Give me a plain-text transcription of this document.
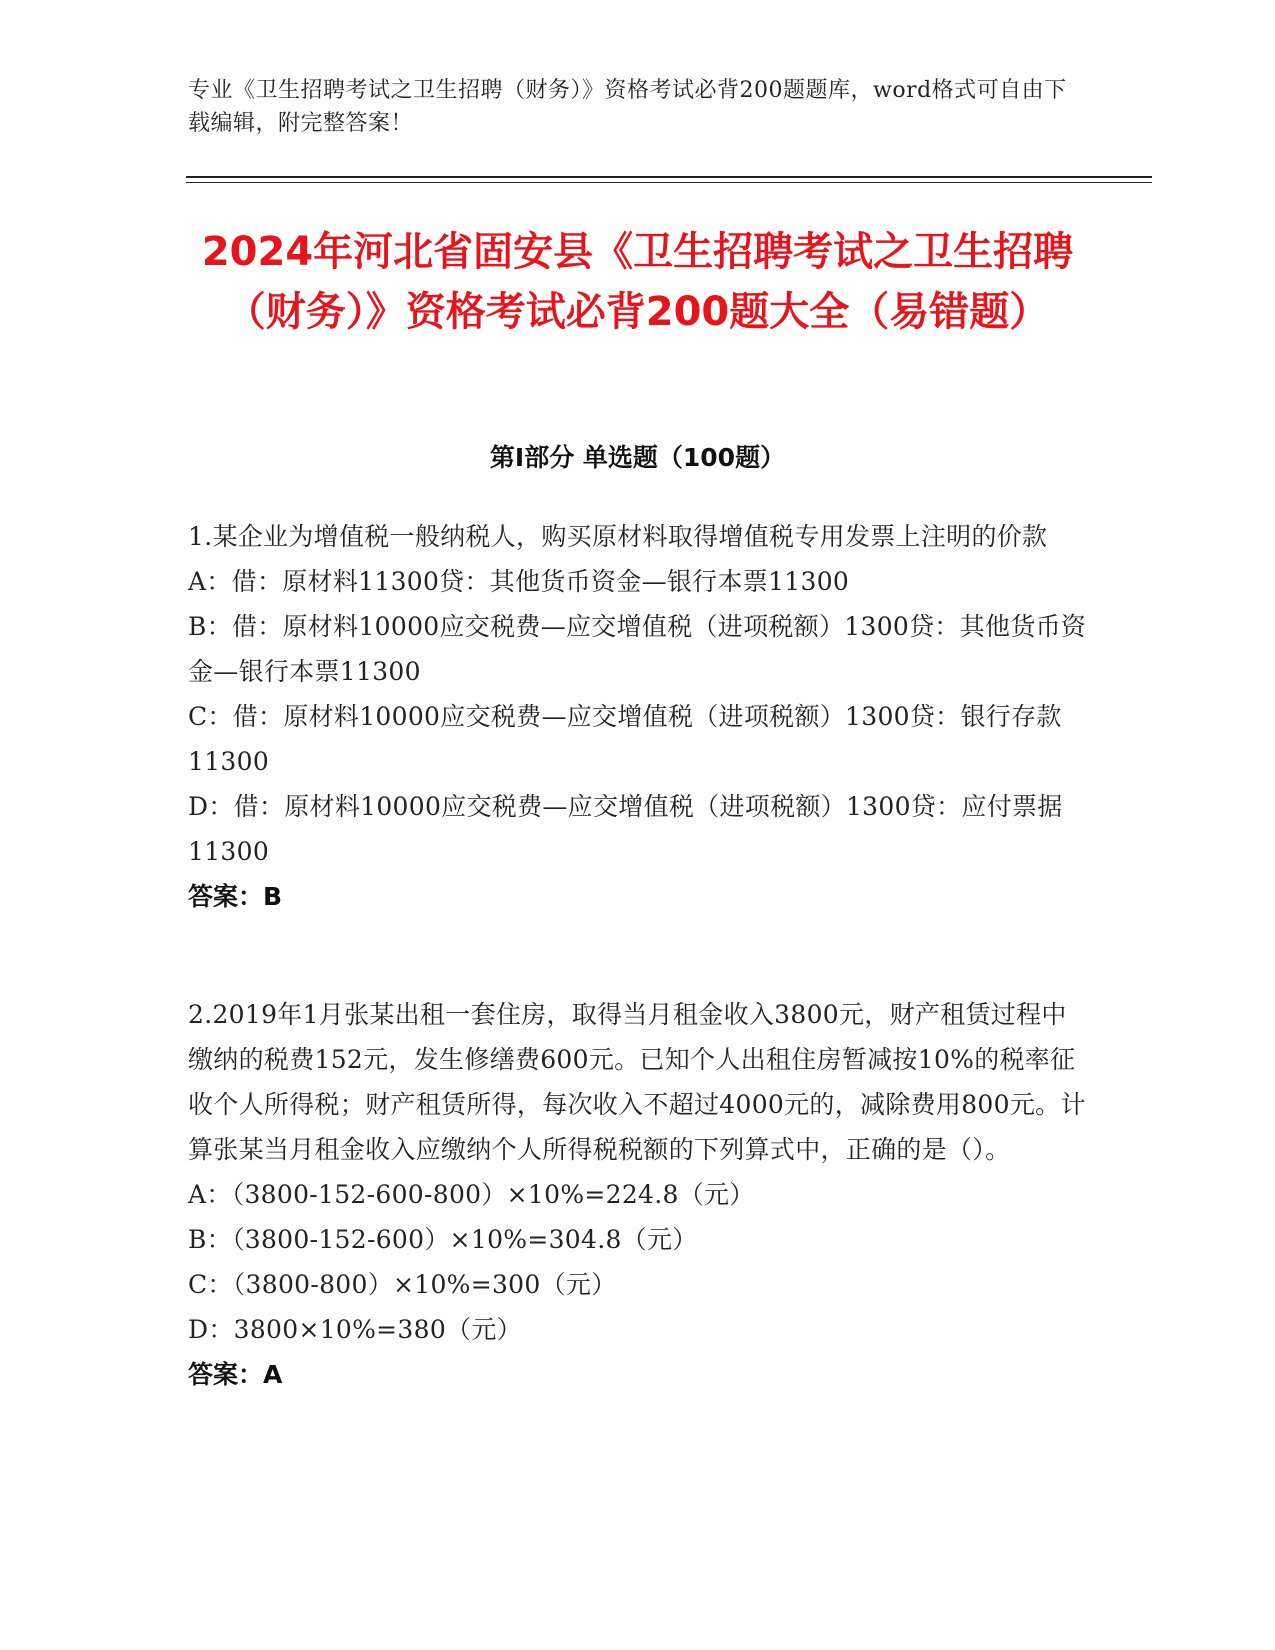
专业《卫生招聘考试之卫生招聘（财务）》资格考试必背200题题库，word格式可自由下载编辑，附完整答案！
2024年河北省固安县《卫生招聘考试之卫生招聘（财务）》资格考试必背200题大全（易错题）
第I部分 单选题（100题）
1.某企业为增值税一般纳税人，购买原材料取得增值税专用发票上注明的价款
A：借：原材料11300贷：其他货币资金—银行本票11300
B：借：原材料10000应交税费—应交增值税（进项税额）1300贷：其他货币资金—银行本票11300
C：借：原材料10000应交税费—应交增值税（进项税额）1300贷：银行存款11300
D：借：原材料10000应交税费—应交增值税（进项税额）1300贷：应付票据11300
答案：B
2.2019年1月张某出租一套住房，取得当月租金收入3800元，财产租赁过程中缴纳的税费152元，发生修缮费600元。已知个人出租住房暂减按10%的税率征收个人所得税；财产租赁所得，每次收入不超过4000元的，减除费用800元。计算张某当月租金收入应缴纳个人所得税税额的下列算式中，正确的是（）。
A：（3800-152-600-800）×10%=224.8（元）
B：（3800-152-600）×10%=304.8（元）
C：（3800-800）×10%=300（元）
D：3800×10%=380（元）
答案：A
